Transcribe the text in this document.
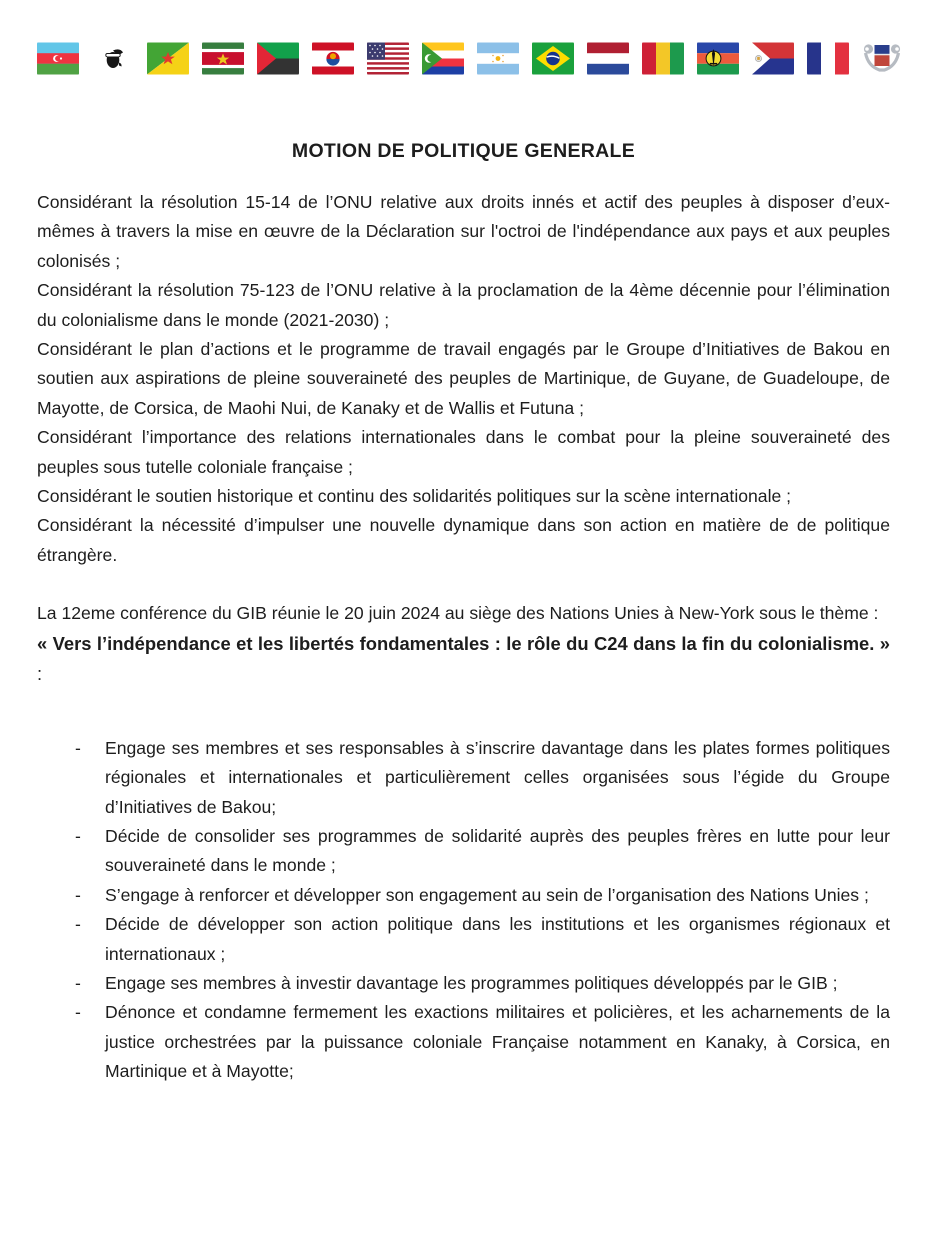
MOTION DE POLITIQUE GENERALE

Considérant la résolution 15-14 de l’ONU relative aux droits innés et actif des peuples à disposer d’eux-mêmes à travers la mise en œuvre de la Déclaration sur l'octroi de l'indépendance aux pays et aux peuples colonisés ;

Considérant la résolution 75-123 de l’ONU relative à la proclamation de la 4ème décennie pour l’élimination du colonialisme dans le monde (2021-2030) ;

Considérant le plan d’actions et le programme de travail engagés par le Groupe d’Initiatives de Bakou en soutien aux aspirations de pleine souveraineté des peuples de Martinique, de Guyane, de Guadeloupe, de Mayotte, de Corsica, de Maohi Nui, de Kanaky et de Wallis et Futuna ;

Considérant l’importance des relations internationales dans le combat pour la pleine souveraineté des peuples sous tutelle coloniale française ;

Considérant le soutien historique et continu des solidarités politiques sur la scène internationale ;

Considérant la nécessité d’impulser une nouvelle dynamique dans son action en matière de de politique étrangère.

La 12eme conférence du GIB réunie le 20 juin 2024 au siège des Nations Unies à New-York sous le thème :

« Vers l’indépendance et les libertés fondamentales : le rôle du C24 dans la fin du colonialisme. » :

-	Engage ses membres et ses responsables à s’inscrire davantage dans les plates formes politiques régionales et internationales et particulièrement celles organisées sous l’égide du Groupe d’Initiatives de Bakou;
-	Décide de consolider ses programmes de solidarité auprès des peuples frères en lutte pour leur souveraineté dans le monde ;
-	S’engage à renforcer et développer son engagement au sein de l’organisation des Nations Unies ;
-	Décide de développer son action politique dans les institutions et les organismes régionaux et internationaux ;
-	Engage ses membres à investir davantage les programmes politiques développés par le GIB ;
-	Dénonce et condamne fermement les exactions militaires et policières, et les acharnements de la justice orchestrées par la puissance coloniale Française notamment en Kanaky, à Corsica, en Martinique et à Mayotte;
